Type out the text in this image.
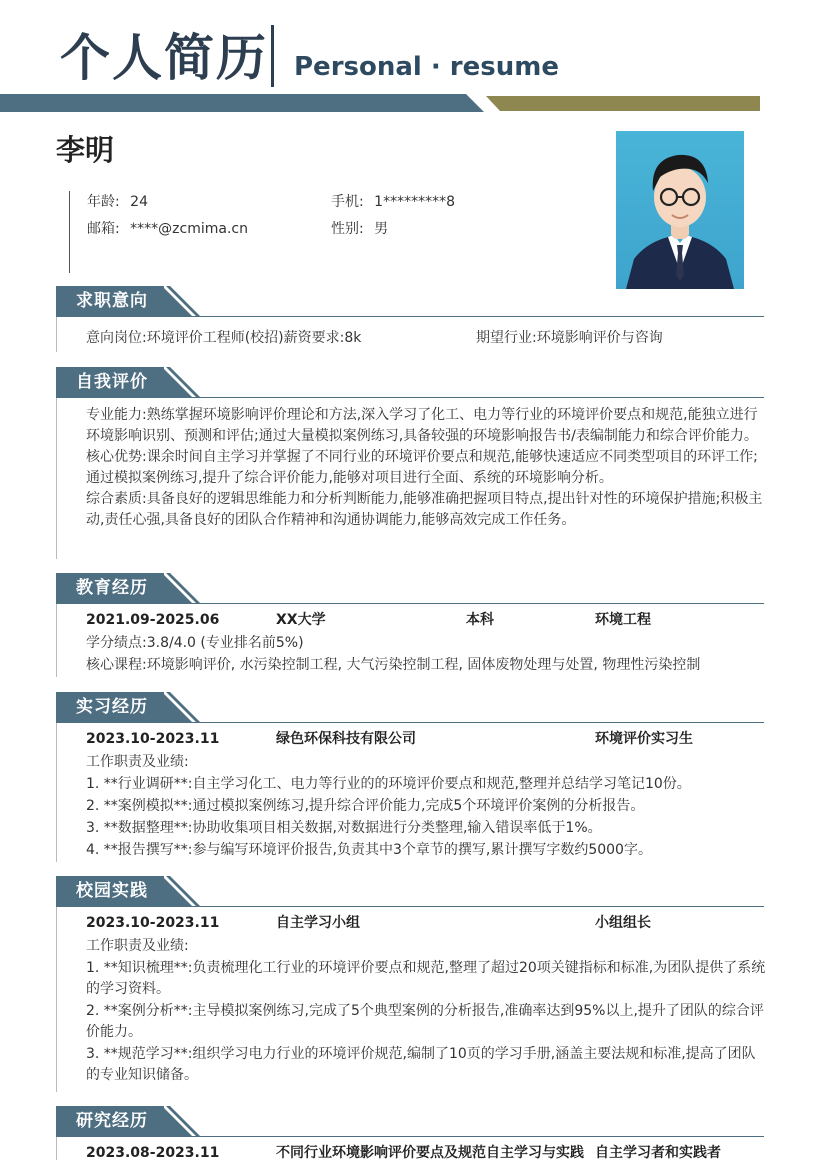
个人简历 Personal · resume
李明
年龄: 24	手机: 1*********8
邮箱: ****@zcmima.cn	性别: 男
求职意向
意向岗位:环境评价工程师(校招)薪资要求:8k	期望行业:环境影响评价与咨询
自我评价
专业能力:熟练掌握环境影响评价理论和方法,深入学习了化工、电力等行业的环境评价要点和规范,能独立进行环境影响识别、预测和评估;通过大量模拟案例练习,具备较强的环境影响报告书/表编制能力和综合评价能力。
核心优势:课余时间自主学习并掌握了不同行业的环境评价要点和规范,能够快速适应不同类型项目的环评工作;通过模拟案例练习,提升了综合评价能力,能够对项目进行全面、系统的环境影响分析。
综合素质:具备良好的逻辑思维能力和分析判断能力,能够准确把握项目特点,提出针对性的环境保护措施;积极主动,责任心强,具备良好的团队合作精神和沟通协调能力,能够高效完成工作任务。
教育经历
2021.09-2025.06	XX大学	本科	环境工程
学分绩点:3.8/4.0 (专业排名前5%)
核心课程:环境影响评价, 水污染控制工程, 大气污染控制工程, 固体废物处理与处置, 物理性污染控制
实习经历
2023.10-2023.11	绿色环保科技有限公司	环境评价实习生
工作职责及业绩:
1. **行业调研**:自主学习化工、电力等行业的的环境评价要点和规范,整理并总结学习笔记10份。
2. **案例模拟**:通过模拟案例练习,提升综合评价能力,完成5个环境评价案例的分析报告。
3. **数据整理**:协助收集项目相关数据,对数据进行分类整理,输入错误率低于1%。
4. **报告撰写**:参与编写环境评价报告,负责其中3个章节的撰写,累计撰写字数约5000字。
校园实践
2023.10-2023.11	自主学习小组	小组组长
工作职责及业绩:
1. **知识梳理**:负责梳理化工行业的环境评价要点和规范,整理了超过20项关键指标和标准,为团队提供了系统的学习资料。
2. **案例分析**:主导模拟案例练习,完成了5个典型案例的分析报告,准确率达到95%以上,提升了团队的综合评价能力。
3. **规范学习**:组织学习电力行业的环境评价规范,编制了10页的学习手册,涵盖主要法规和标准,提高了团队的专业知识储备。
研究经历
2023.08-2023.11	不同行业环境影响评价要点及规范自主学习与实践 自主学习者和实践者
